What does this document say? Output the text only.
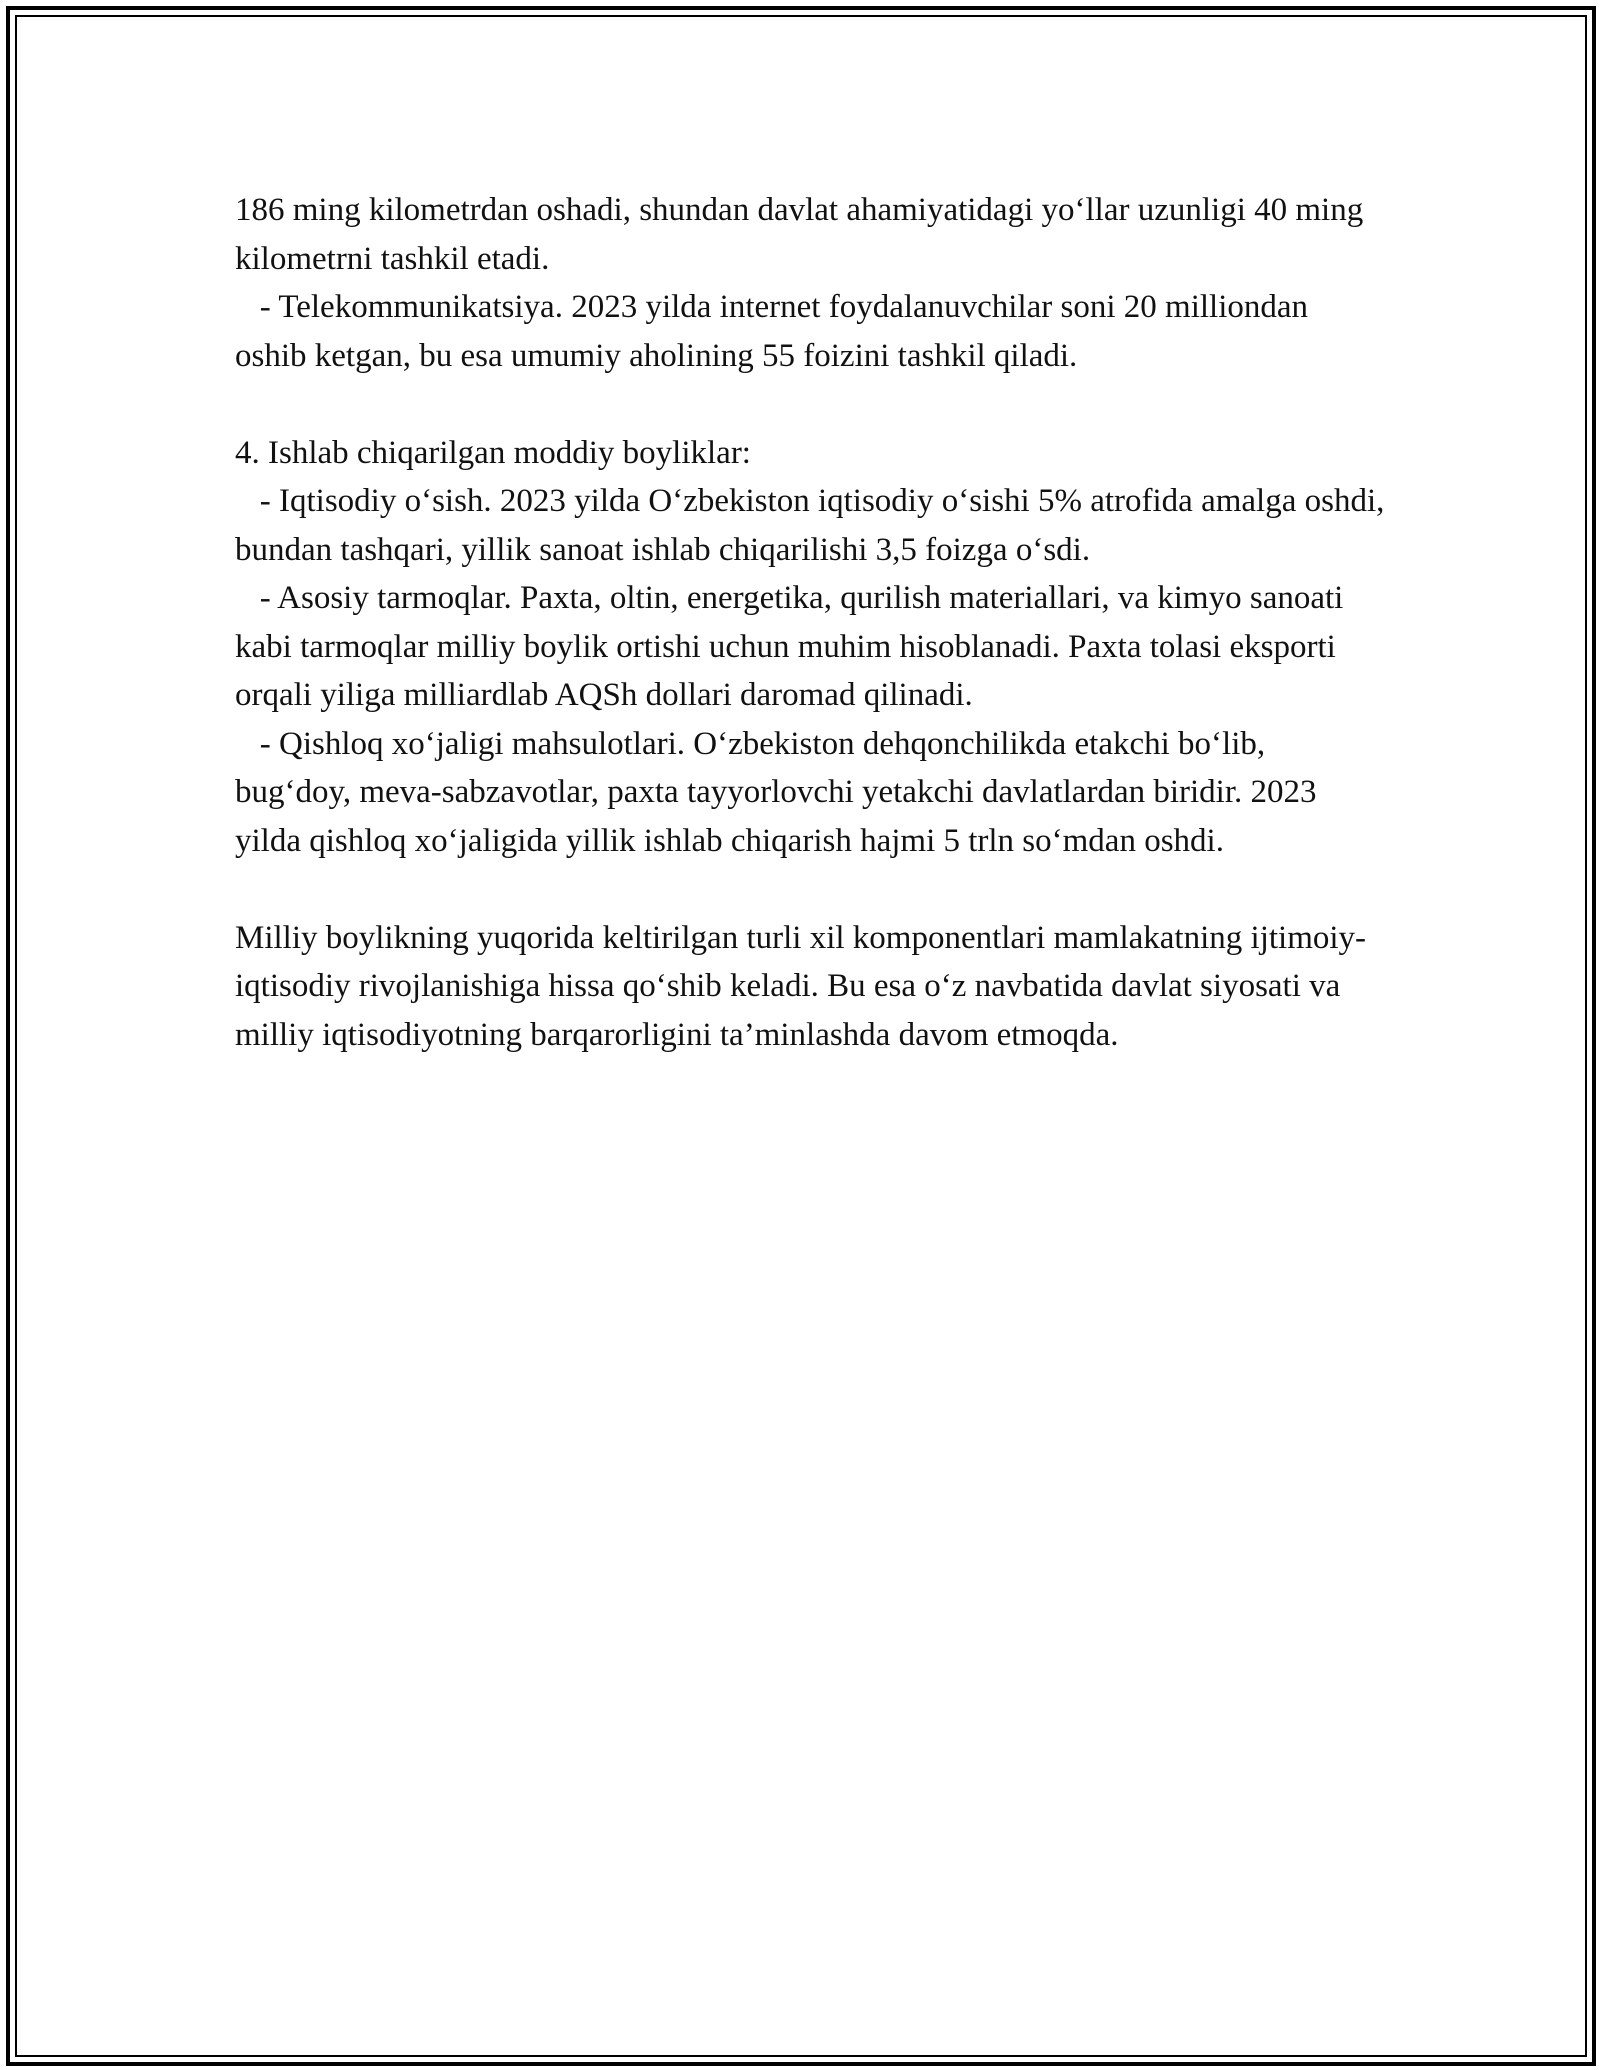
186 ming kilometrdan oshadi, shundan davlat ahamiyatidagi yo‘llar uzunligi 40 ming kilometrni tashkil etadi.

- Telekommunikatsiya. 2023 yilda internet foydalanuvchilar soni 20 milliondan oshib ketgan, bu esa umumiy aholining 55 foizini tashkil qiladi.

4. Ishlab chiqarilgan moddiy boyliklar:

- Iqtisodiy o‘sish. 2023 yilda O‘zbekiston iqtisodiy o‘sishi 5% atrofida amalga oshdi, bundan tashqari, yillik sanoat ishlab chiqarilishi 3,5 foizga o‘sdi.

- Asosiy tarmoqlar. Paxta, oltin, energetika, qurilish materiallari, va kimyo sanoati kabi tarmoqlar milliy boylik ortishi uchun muhim hisoblanadi. Paxta tolasi eksporti orqali yiliga milliardlab AQSh dollari daromad qilinadi.

- Qishloq xo‘jaligi mahsulotlari. O‘zbekiston dehqonchilikda etakchi bo‘lib, bug‘doy, meva-sabzavotlar, paxta tayyorlovchi yetakchi davlatlardan biridir. 2023 yilda qishloq xo‘jaligida yillik ishlab chiqarish hajmi 5 trln so‘mdan oshdi.

Milliy boylikning yuqorida keltirilgan turli xil komponentlari mamlakatning ijtimoiy-iqtisodiy rivojlanishiga hissa qo‘shib keladi. Bu esa o‘z navbatida davlat siyosati va milliy iqtisodiyotning barqarorligini ta’minlashda davom etmoqda.
